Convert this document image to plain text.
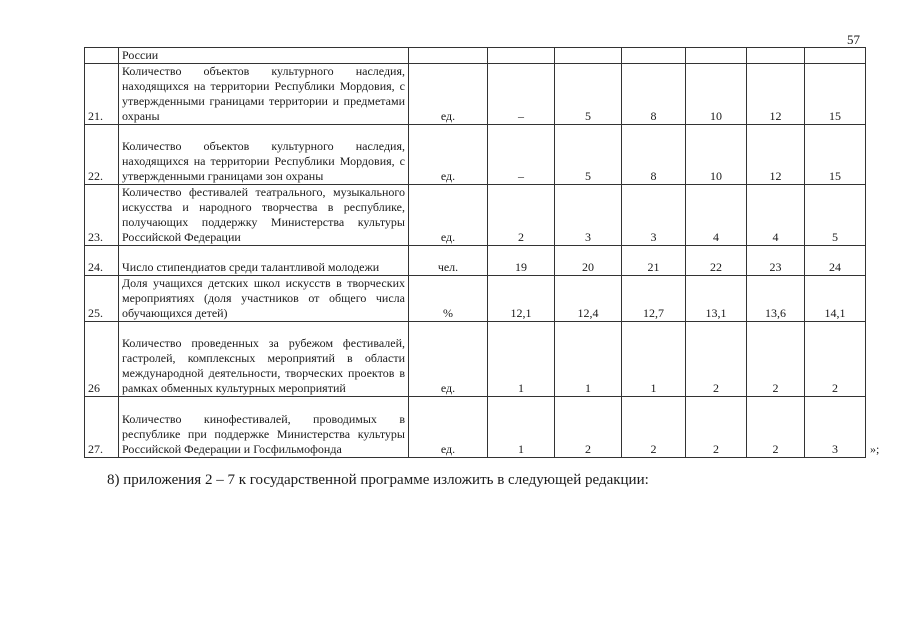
57
	России							
21.	Количество объектов культурного наследия, находящихся на территории Республики Мордовия, с утвержденными границами территории и предметами охраны	ед.	–	5	8	10	12	15
22.	Количество объектов культурного наследия, находящихся на территории Республики Мордовия, с утвержденными границами зон охраны	ед.	–	5	8	10	12	15
23.	Количество фестивалей театрального, музыкального искусства и народного творчества в республике, получающих поддержку Министерства культуры Российской Федерации	ед.	2	3	3	4	4	5
24.	Число стипендиатов среди талантливой молодежи	чел.	19	20	21	22	23	24
25.	Доля учащихся детских школ искусств в творческих мероприятиях (доля участников от общего числа обучающихся детей)	%	12,1	12,4	12,7	13,1	13,6	14,1
26	Количество проведенных за рубежом фестивалей, гастролей, комплексных мероприятий в области международной деятельности, творческих проектов в рамках обменных культурных мероприятий	ед.	1	1	1	2	2	2
27.	Количество кинофестивалей, проводимых в республике при поддержке Министерства культуры Российской Федерации и Госфильмофонда	ед.	1	2	2	2	2	3	»;
8) приложения 2 – 7 к государственной программе изложить в следующей редакции:
